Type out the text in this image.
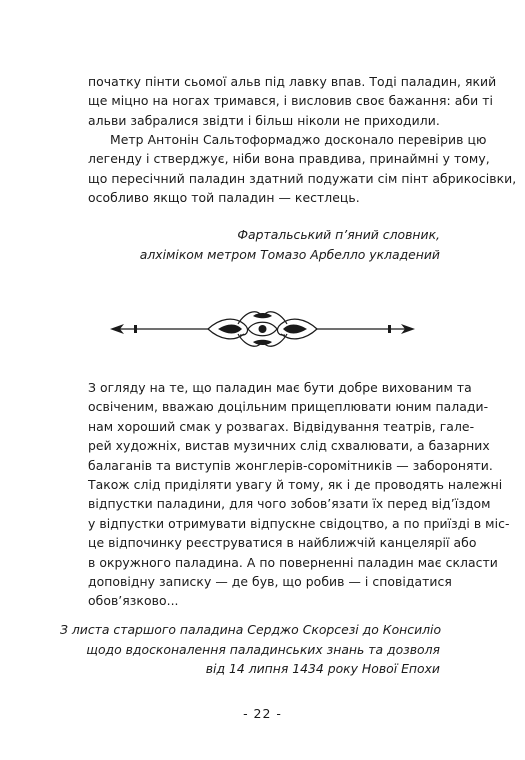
початку пінти сьомої альв під лавку впав. Тоді паладин, який
ще міцно на ногах тримався, і висловив своє бажання: аби ті
альви забралися звідти і більш ніколи не приходили.

Метр Антонін Сальтоформаджо досконало перевірив цю
легенду і стверджує, ніби вона правдива, принаймні у тому,
що пересічний паладин здатний подужати сім пінт абрикосівки,
особливо якщо той паладин — кестлець.

Фартальський п’яний словник,
алхіміком метром Томазо Арбелло укладений

З огляду на те, що паладин має бути добре вихованим та
освіченим, вважаю доцільним прищеплювати юним палади-
нам хороший смак у розвагах. Відвідування театрів, гале-
рей художніх, вистав музичних слід схвалювати, а базарних
балаганів та виступів жонглерів-соромітників — забороняти.
Також слід приділяти увагу й тому, як і де проводять належні
відпустки паладини, для чого зобов’язати їх перед від’їздом
у відпустки отримувати відпускне свідоцтво, а по приїзді в міс-
це відпочинку реєструватися в найближчій канцелярії або
в окружного паладина. А по поверненні паладин має скласти
доповідну записку — де був, що робив — і сповідатися
обов’язково...

З листа старшого паладина Серджо Скорсезі до Консиліо
щодо вдосконалення паладинських знань та дозволя
від 14 липня 1434 року Нової Епохи

- 22 -
